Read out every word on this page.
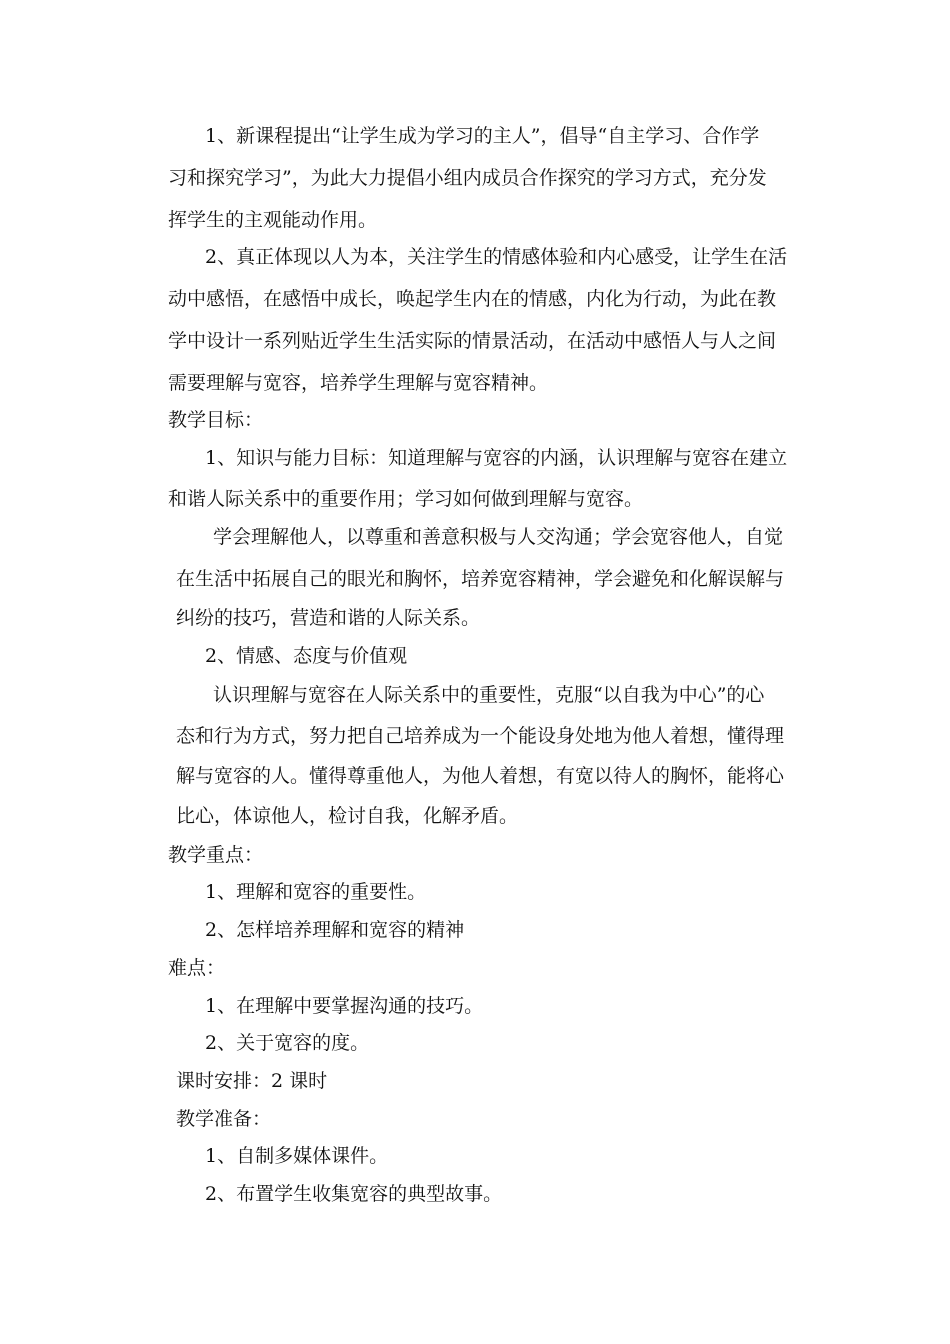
1、新课程提出“让学生成为学习的主人”，倡导“自主学习、合作学
习和探究学习”，为此大力提倡小组内成员合作探究的学习方式，充分发
挥学生的主观能动作用。
2、真正体现以人为本，关注学生的情感体验和内心感受，让学生在活
动中感悟，在感悟中成长，唤起学生内在的情感，内化为行动，为此在教
学中设计一系列贴近学生生活实际的情景活动，在活动中感悟人与人之间
需要理解与宽容，培养学生理解与宽容精神。
教学目标：
1、知识与能力目标：知道理解与宽容的内涵，认识理解与宽容在建立
和谐人际关系中的重要作用；学习如何做到理解与宽容。
学会理解他人，以尊重和善意积极与人交沟通；学会宽容他人，自觉
在生活中拓展自己的眼光和胸怀，培养宽容精神，学会避免和化解误解与
纠纷的技巧，营造和谐的人际关系。
2、情感、态度与价值观
认识理解与宽容在人际关系中的重要性，克服“以自我为中心”的心
态和行为方式，努力把自己培养成为一个能设身处地为他人着想，懂得理
解与宽容的人。懂得尊重他人，为他人着想，有宽以待人的胸怀，能将心
比心，体谅他人，检讨自我，化解矛盾。
教学重点：
1、理解和宽容的重要性。
2、怎样培养理解和宽容的精神
难点：
1、在理解中要掌握沟通的技巧。
2、关于宽容的度。
课时安排：2 课时
教学准备：
1、自制多媒体课件。
2、布置学生收集宽容的典型故事。
